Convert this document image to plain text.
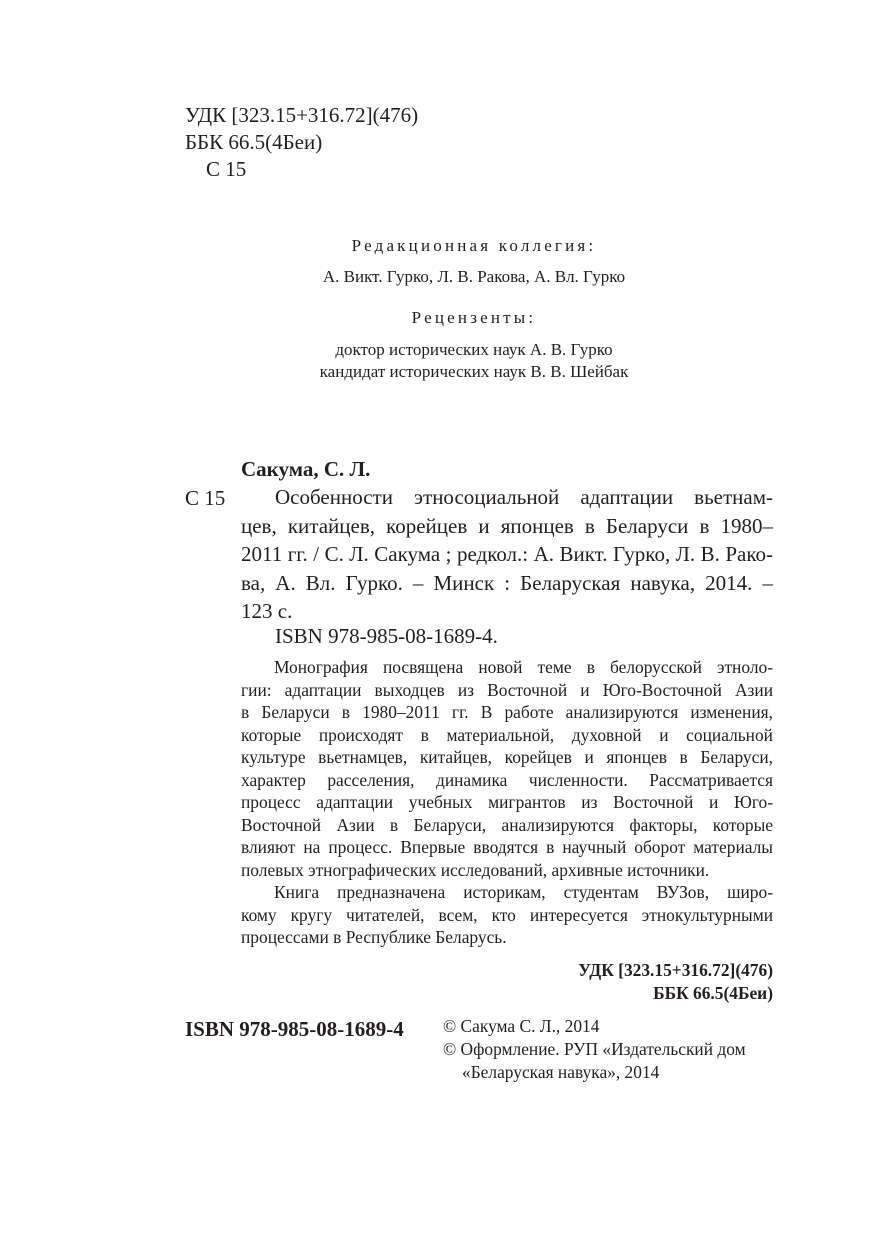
УДК [323.15+316.72](476)
ББК 66.5(4Беи)
С 15
Редакционная коллегия:
А. Викт. Гурко, Л. В. Ракова, А. Вл. Гурко
Рецензенты:
доктор исторических наук А. В. Гурко
кандидат исторических наук В. В. Шейбак
Сакума, С. Л.
С 15	Особенности этносоциальной адаптации вьетнам-
цев, китайцев, корейцев и японцев в Беларуси в 1980–
2011 гг. / С. Л. Сакума ; редкол.: А. Викт. Гурко, Л. В. Рако-
ва, А. Вл. Гурко. – Минск : Беларуская навука, 2014. –
123 с.
ISBN 978-985-08-1689-4.
Монография посвящена новой теме в белорусской этноло-
гии: адаптации выходцев из Восточной и Юго-Восточной Азии
в Беларуси в 1980–2011 гг. В работе анализируются изменения,
которые происходят в материальной, духовной и социальной
культуре вьетнамцев, китайцев, корейцев и японцев в Беларуси,
характер расселения, динамика численности. Рассматривается
процесс адаптации учебных мигрантов из Восточной и Юго-
Восточной Азии в Беларуси, анализируются факторы, которые
влияют на процесс. Впервые вводятся в научный оборот материалы
полевых этнографических исследований, архивные источники.
Книга предназначена историкам, студентам ВУЗов, широ-
кому кругу читателей, всем, кто интересуется этнокультурными
процессами в Республике Беларусь.
УДК [323.15+316.72](476)
ББК 66.5(4Беи)
ISBN 978-985-08-1689-4 © Сакума С. Л., 2014
© Оформление. РУП «Издательский дом
«Беларуская навука», 2014
